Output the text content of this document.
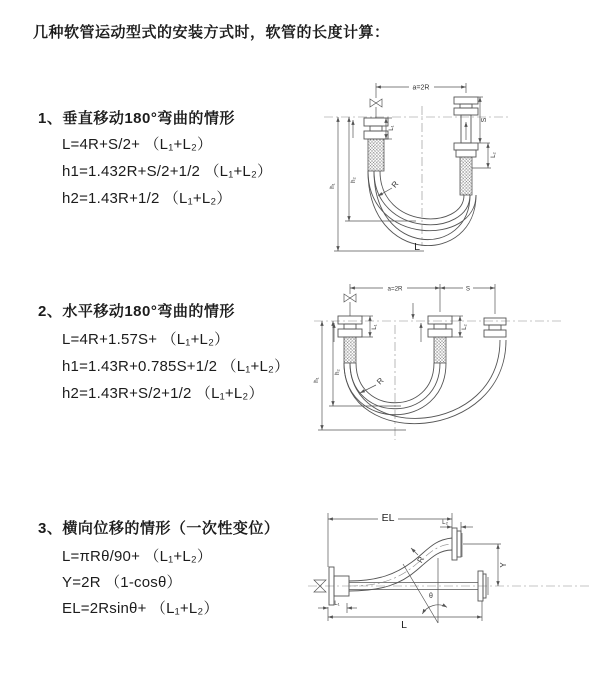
几种软管运动型式的安装方式时，软管的长度计算：
1、垂直移动180°弯曲的情形
L=4R+S/2+ （L₁+L₂）
h1=1.432R+S/2+1/2 （L₁+L₂）
h2=1.43R+1/2 （L₁+L₂）
2、水平移动180°弯曲的情形
L=4R+1.57S+ （L₁+L₂）
h1=1.43R+0.785S+1/2 （L₁+L₂）
h2=1.43R+S/2+1/2 （L₁+L₂）
3、横向位移的情形（一次性变位）
L=πRθ/90+ （L₁+L₂）
Y=2R （1-cosθ）
EL=2Rsinθ+ （L₁+L₂）
a=2R
L₁
S
L₂
h₁
h₂	R
L
a=2R	S
L₁	L₂
h₁
h₂
R
EL	L₂
Y
R
θ
L
L₁
